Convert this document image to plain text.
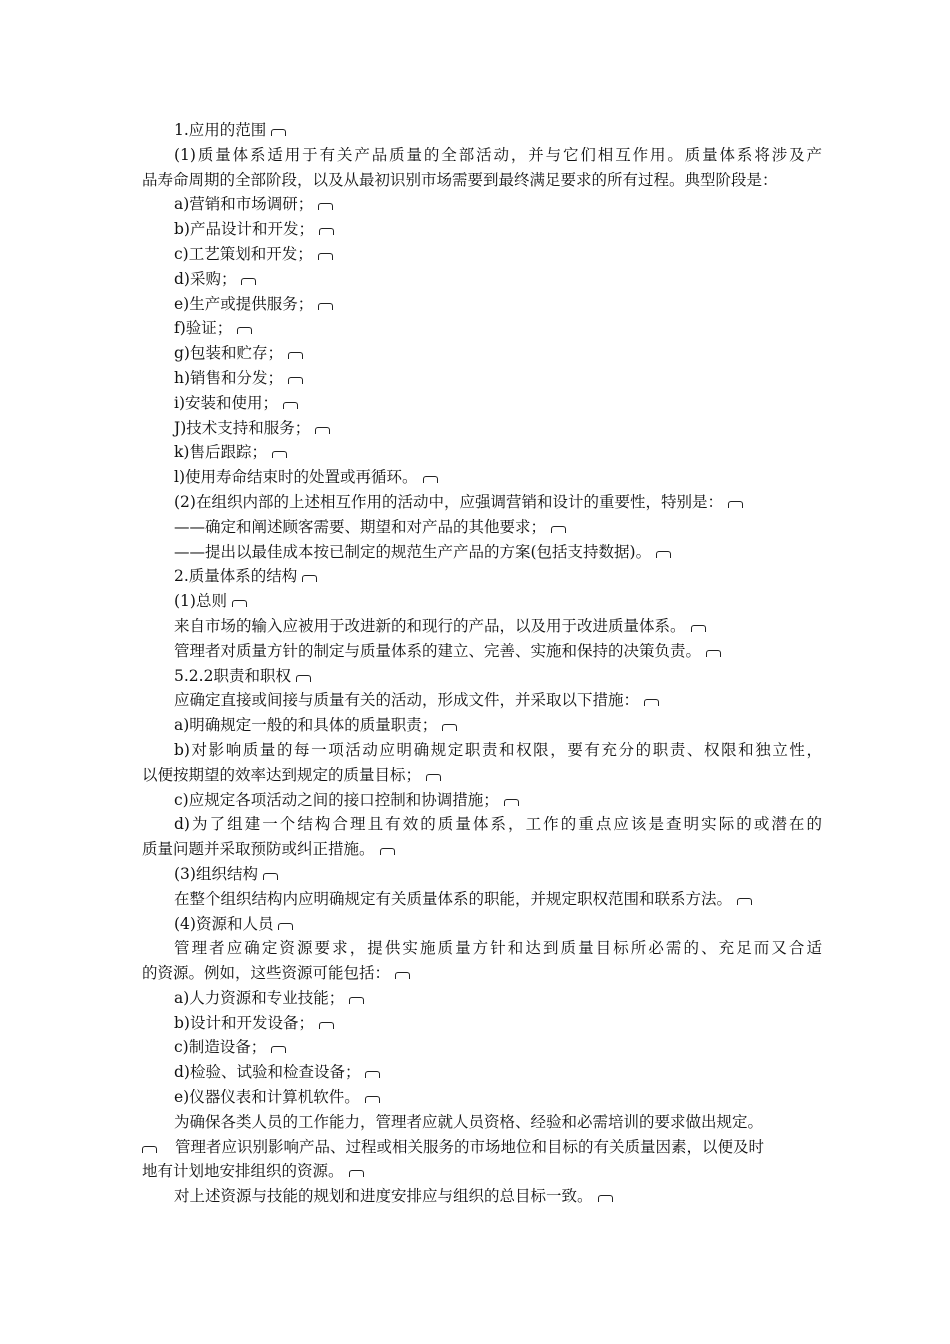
1.应用的范围
(1)质量体系适用于有关产品质量的全部活动，并与它们相互作用。质量体系将涉及产
品寿命周期的全部阶段，以及从最初识别市场需要到最终满足要求的所有过程。典型阶段是：
a)营销和市场调研；
b)产品设计和开发；
c)工艺策划和开发；
d)采购；
e)生产或提供服务；
f)验证；
g)包装和贮存；
h)销售和分发；
i)安装和使用；
J)技术支持和服务；
k)售后跟踪；
l)使用寿命结束时的处置或再循环。
(2)在组织内部的上述相互作用的活动中，应强调营销和设计的重要性，特别是：
——确定和阐述顾客需要、期望和对产品的其他要求；
——提出以最佳成本按已制定的规范生产产品的方案(包括支持数据)。
2.质量体系的结构
(1)总则
来自市场的输入应被用于改进新的和现行的产品，以及用于改进质量体系。
管理者对质量方针的制定与质量体系的建立、完善、实施和保持的决策负责。
5.2.2职责和职权
应确定直接或间接与质量有关的活动，形成文件，并采取以下措施：
a)明确规定一般的和具体的质量职责；
b)对影响质量的每一项活动应明确规定职责和权限，要有充分的职责、权限和独立性，
以便按期望的效率达到规定的质量目标；
c)应规定各项活动之间的接口控制和协调措施；
d)为了组建一个结构合理且有效的质量体系，工作的重点应该是查明实际的或潜在的
质量问题并采取预防或纠正措施。
(3)组织结构
在整个组织结构内应明确规定有关质量体系的职能，并规定职权范围和联系方法。
(4)资源和人员
管理者应确定资源要求，提供实施质量方针和达到质量目标所必需的、充足而又合适
的资源。例如，这些资源可能包括：
a)人力资源和专业技能；
b)设计和开发设备；
c)制造设备；
d)检验、试验和检查设备；
e)仪器仪表和计算机软件。
为确保各类人员的工作能力，管理者应就人员资格、经验和必需培训的要求做出规定。
管理者应识别影响产品、过程或相关服务的市场地位和目标的有关质量因素，以便及时
地有计划地安排组织的资源。
对上述资源与技能的规划和进度安排应与组织的总目标一致。
